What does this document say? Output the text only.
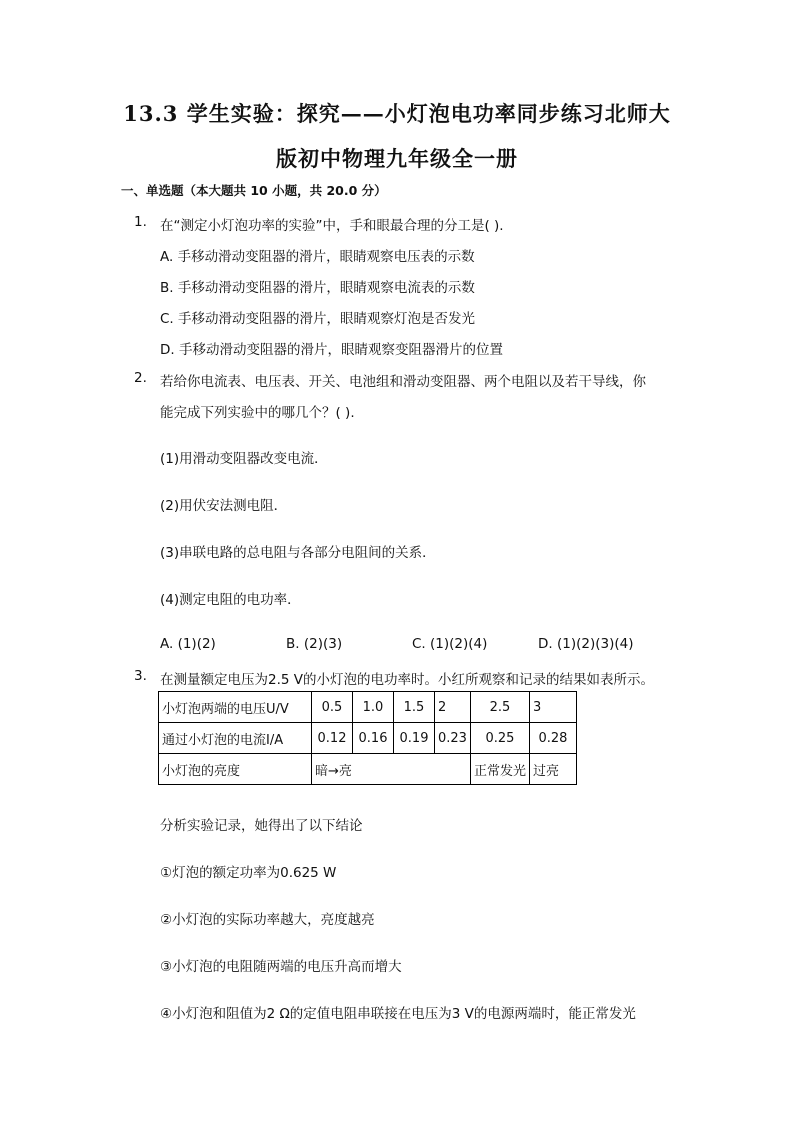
13.3 学生实验：探究——小灯泡电功率同步练习北师大
版初中物理九年级全一册
一、单选题（本大题共 10 小题，共 20.0 分）
1. 在“测定小灯泡功率的实验”中，手和眼最合理的分工是( ).
A. 手移动滑动变阻器的滑片，眼睛观察电压表的示数
B. 手移动滑动变阻器的滑片，眼睛观察电流表的示数
C. 手移动滑动变阻器的滑片，眼睛观察灯泡是否发光
D. 手移动滑动变阻器的滑片，眼睛观察变阻器滑片的位置
2. 若给你电流表、电压表、开关、电池组和滑动变阻器、两个电阻以及若干导线，你
能完成下列实验中的哪几个？( ).
(1)用滑动变阻器改变电流．
(2)用伏安法测电阻．
(3)串联电路的总电阻与各部分电阻间的关系．
(4)测定电阻的电功率．
A. (1)(2)	B. (2)(3)	C. (1)(2)(4)	D. (1)(2)(3)(4)
3. 在测量额定电压为2.5 V的小灯泡的电功率时。小红所观察和记录的结果如表所示。
小灯泡两端的电压U/V	0.5	1.0	1.5	2	2.5	3
通过小灯泡的电流I/A	0.12	0.16	0.19	0.23	0.25	0.28
小灯泡的亮度	暗→亮				正常发光	过亮
分析实验记录，她得出了以下结论
①灯泡的额定功率为0.625 W
②小灯泡的实际功率越大，亮度越亮
③小灯泡的电阻随两端的电压升高而增大
④小灯泡和阻值为2 Ω的定值电阻串联接在电压为3 V的电源两端时，能正常发光
